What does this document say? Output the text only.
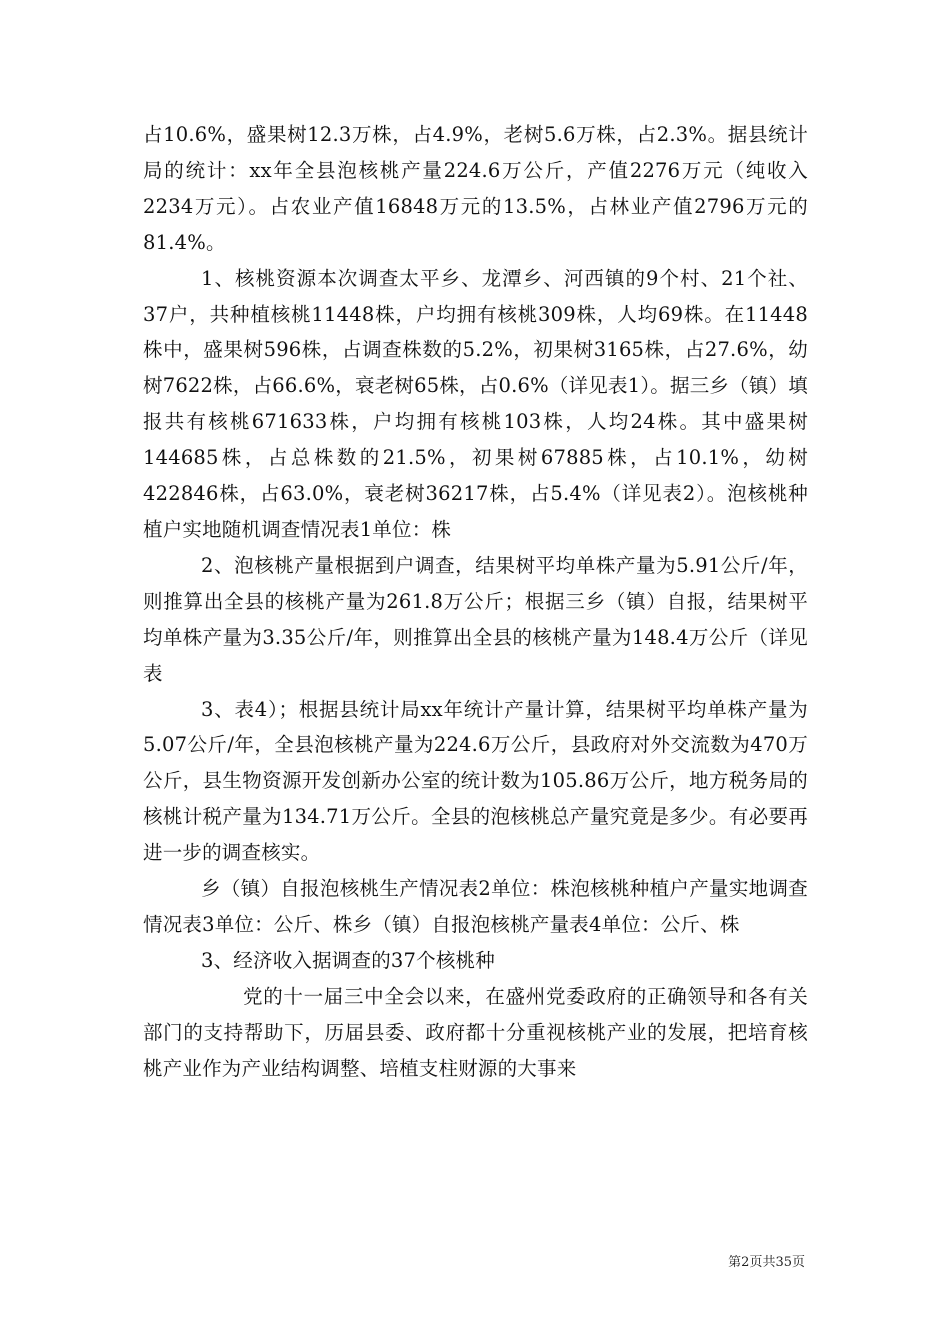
占10.6%，盛果树12.3万株，占4.9%，老树5.6万株，占2.3%。据县统计局的统计：xx年全县泡核桃产量224.6万公斤，产值2276万元（纯收入2234万元）。占农业产值16848万元的13.5%，占林业产值2796万元的81.4%。

1、核桃资源本次调查太平乡、龙潭乡、河西镇的9个村、21个社、37户，共种植核桃11448株，户均拥有核桃309株，人均69株。在11448株中，盛果树596株，占调查株数的5.2%，初果树3165株，占27.6%，幼树7622株，占66.6%，衰老树65株，占0.6%（详见表1）。据三乡（镇）填报共有核桃671633株，户均拥有核桃103株，人均24株。其中盛果树144685株，占总株数的21.5%，初果树67885株，占10.1%，幼树422846株，占63.0%，衰老树36217株，占5.4%（详见表2）。泡核桃种植户实地随机调查情况表1单位：株

2、泡核桃产量根据到户调查，结果树平均单株产量为5.91公斤/年，则推算出全县的核桃产量为261.8万公斤；根据三乡（镇）自报，结果树平均单株产量为3.35公斤/年，则推算出全县的核桃产量为148.4万公斤（详见表

3、表4）；根据县统计局xx年统计产量计算，结果树平均单株产量为5.07公斤/年，全县泡核桃产量为224.6万公斤，县政府对外交流数为470万公斤，县生物资源开发创新办公室的统计数为105.86万公斤，地方税务局的核桃计税产量为134.71万公斤。全县的泡核桃总产量究竟是多少。有必要再进一步的调查核实。

乡（镇）自报泡核桃生产情况表2单位：株泡核桃种植户产量实地调查情况表3单位：公斤、株乡（镇）自报泡核桃产量表4单位：公斤、株

3、经济收入据调查的37个核桃种

党的十一届三中全会以来，在盛州党委政府的正确领导和各有关部门的支持帮助下，历届县委、政府都十分重视核桃产业的发展，把培育核桃产业作为产业结构调整、培植支柱财源的大事来

第2页共35页
